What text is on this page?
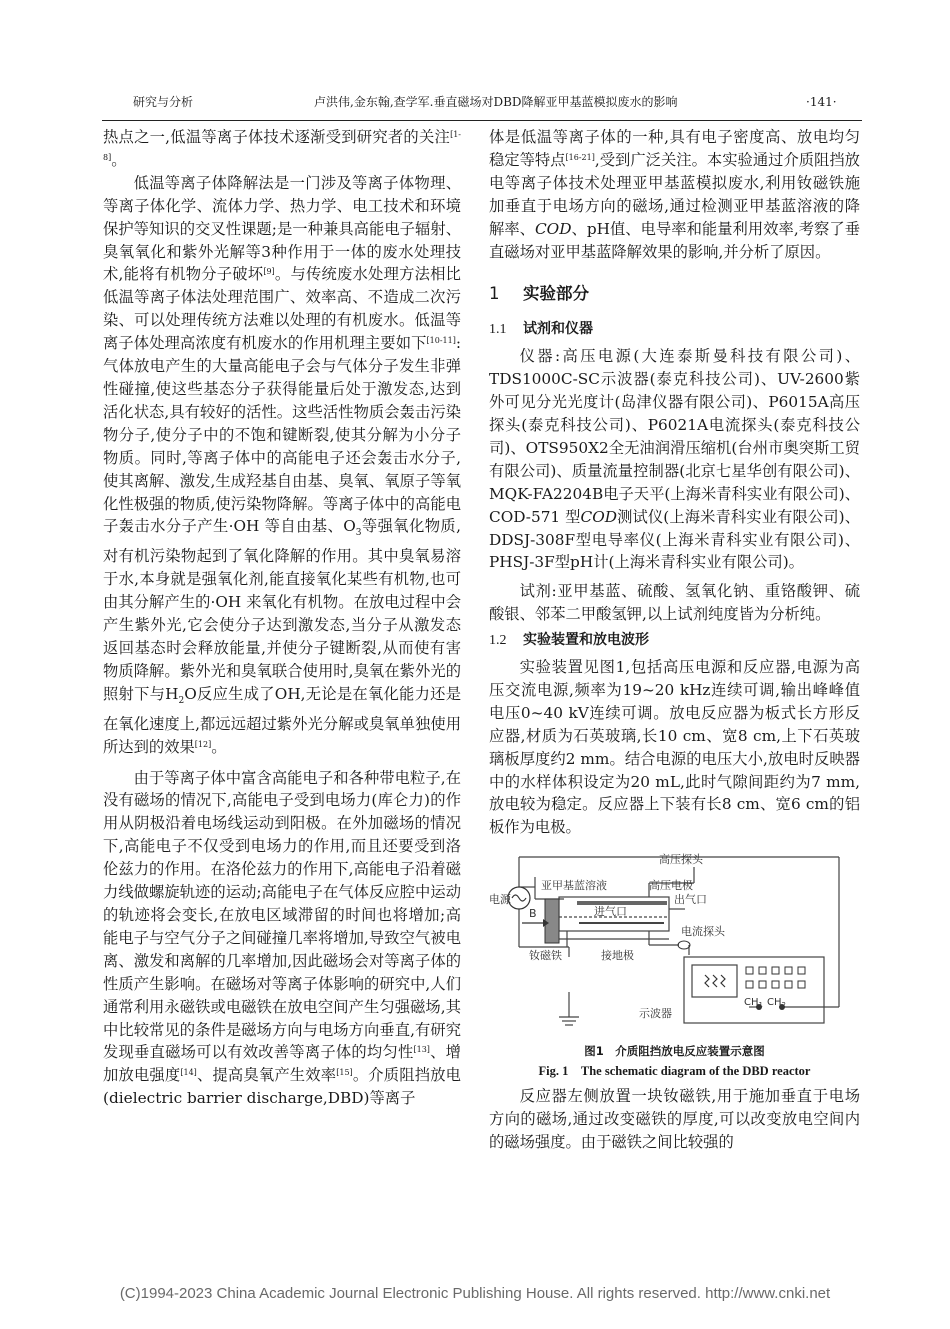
研究与分析	卢洪伟,金东翰,查学军.垂直磁场对DBD降解亚甲基蓝模拟废水的影响	·141·

热点之一,低温等离子体技术逐渐受到研究者的关注[1-8]。

低温等离子体降解法是一门涉及等离子体物理、等离子体化学、流体力学、热力学、电工技术和环境保护等知识的交叉性课题;是一种兼具高能电子辐射、臭氧氧化和紫外光解等3种作用于一体的废水处理技术,能将有机物分子破坏[9]。与传统废水处理方法相比低温等离子体法处理范围广、效率高、不造成二次污染、可以处理传统方法难以处理的有机废水。低温等离子体处理高浓度有机废水的作用机理主要如下[10-11]:气体放电产生的大量高能电子会与气体分子发生非弹性碰撞,使这些基态分子获得能量后处于激发态,达到活化状态,具有较好的活性。这些活性物质会轰击污染物分子,使分子中的不饱和键断裂,使其分解为小分子物质。同时,等离子体中的高能电子还会轰击水分子,使其离解、激发,生成羟基自由基、臭氧、氧原子等氧化性极强的物质,使污染物降解。等离子体中的高能电子轰击水分子产生·OH 等自由基、$O_3$等强氧化物质,对有机污染物起到了氧化降解的作用。其中臭氧易溶于水,本身就是强氧化剂,能直接氧化某些有机物,也可由其分解产生的·OH 来氧化有机物。在放电过程中会产生紫外光,它会使分子达到激发态,当分子从激发态返回基态时会释放能量,并使分子键断裂,从而使有害物质降解。紫外光和臭氧联合使用时,臭氧在紫外光的照射下与$H_2O$反应生成了OH,无论是在氧化能力还是在氧化速度上,都远远超过紫外光分解或臭氧单独使用所达到的效果[12]。

由于等离子体中富含高能电子和各种带电粒子,在没有磁场的情况下,高能电子受到电场力(库仑力)的作用从阴极沿着电场线运动到阳极。在外加磁场的情况下,高能电子不仅受到电场力的作用,而且还要受到洛伦兹力的作用。在洛伦兹力的作用下,高能电子沿着磁力线做螺旋轨迹的运动;高能电子在气体反应腔中运动的轨迹将会变长,在放电区域滞留的时间也将增加;高能电子与空气分子之间碰撞几率将增加,导致空气被电离、激发和离解的几率增加,因此磁场会对等离子体的性质产生影响。在磁场对等离子体影响的研究中,人们通常利用永磁铁或电磁铁在放电空间产生匀强磁场,其中比较常见的条件是磁场方向与电场方向垂直,有研究发现垂直磁场可以有效改善等离子体的均匀性[13]、增加放电强度[14]、提高臭氧产生效率[15]。介质阻挡放电(dielectric barrier discharge,DBD)等离子

体是低温等离子体的一种,具有电子密度高、放电均匀稳定等特点[16-21],受到广泛关注。本实验通过介质阻挡放电等离子体技术处理亚甲基蓝模拟废水,利用钕磁铁施加垂直于电场方向的磁场,通过检测亚甲基蓝溶液的降解率、COD、pH值、电导率和能量利用效率,考察了垂直磁场对亚甲基蓝降解效果的影响,并分析了原因。

1 实验部分
1.1 试剂和仪器

仪器:高压电源(大连泰斯曼科技有限公司)、TDS1000C-SC示波器(泰克科技公司)、UV-2600紫外可见分光光度计(岛津仪器有限公司)、P6015A高压探头(泰克科技公司)、P6021A电流探头(泰克科技公司)、OTS950X2全无油润滑压缩机(台州市奥突斯工贸有限公司)、质量流量控制器(北京七星华创有限公司)、MQK-FA2204B电子天平(上海米青科实业有限公司)、COD-571 型COD测试仪(上海米青科实业有限公司)、DDSJ-308F型电导率仪(上海米青科实业有限公司)、PHSJ-3F型pH计(上海米青科实业有限公司)。

试剂:亚甲基蓝、硫酸、氢氧化钠、重铬酸钾、硫酸银、邻苯二甲酸氢钾,以上试剂纯度皆为分析纯。

1.2 实验装置和放电波形

实验装置见图1,包括高压电源和反应器,电源为高压交流电源,频率为19~20 kHz连续可调,输出峰峰值电压0~40 kV连续可调。放电反应器为板式长方形反应器,材质为石英玻璃,长10 cm、宽8 cm,上下石英玻璃板厚度约2 mm。结合电源的电压大小,放电时反映器中的水样体积设定为20 mL,此时气隙间距约为7 mm,放电较为稳定。反应器上下装有长8 cm、宽6 cm的铝板作为电极。

高压探头
亚甲基蓝溶液	高压电极
电源
B	进气口
出气口
电流探头
钕磁铁	接地极
示波器
$CH_1$ $CH_2$
图1　介质阻挡放电反应装置示意图
Fig. 1　The schematic diagram of the DBD reactor

反应器左侧放置一块钕磁铁,用于施加垂直于电场方向的磁场,通过改变磁铁的厚度,可以改变放电空间内的磁场强度。由于磁铁之间比较强的

(C)1994-2023 China Academic Journal Electronic Publishing House. All rights reserved. http://www.cnki.net
